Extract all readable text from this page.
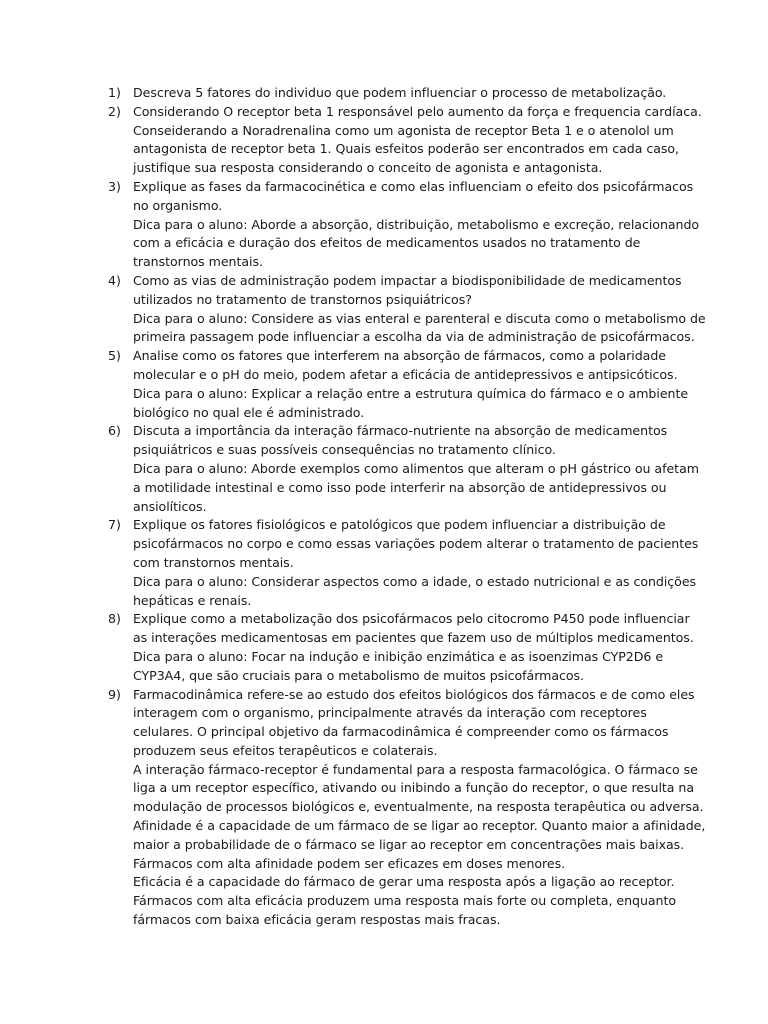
1) Descreva 5 fatores do individuo que podem influenciar o processo de metabolização.
2) Considerando O receptor beta 1 responsável pelo aumento da força e frequencia cardíaca.
Conseiderando a Noradrenalina como um agonista de receptor Beta 1 e o atenolol um
antagonista de receptor beta 1. Quais esfeitos poderão ser encontrados em cada caso,
justifique sua resposta considerando o conceito de agonista e antagonista.
3) Explique as fases da farmacocinética e como elas influenciam o efeito dos psicofármacos
no organismo.
Dica para o aluno: Aborde a absorção, distribuição, metabolismo e excreção, relacionando
com a eficácia e duração dos efeitos de medicamentos usados no tratamento de
transtornos mentais.
4) Como as vias de administração podem impactar a biodisponibilidade de medicamentos
utilizados no tratamento de transtornos psiquiátricos?
Dica para o aluno: Considere as vias enteral e parenteral e discuta como o metabolismo de
primeira passagem pode influenciar a escolha da via de administração de psicofármacos.
5) Analise como os fatores que interferem na absorção de fármacos, como a polaridade
molecular e o pH do meio, podem afetar a eficácia de antidepressivos e antipsicóticos.
Dica para o aluno: Explicar a relação entre a estrutura química do fármaco e o ambiente
biológico no qual ele é administrado.
6) Discuta a importância da interação fármaco-nutriente na absorção de medicamentos
psiquiátricos e suas possíveis consequências no tratamento clínico.
Dica para o aluno: Aborde exemplos como alimentos que alteram o pH gástrico ou afetam
a motilidade intestinal e como isso pode interferir na absorção de antidepressivos ou
ansiolíticos.
7) Explique os fatores fisiológicos e patológicos que podem influenciar a distribuição de
psicofármacos no corpo e como essas variações podem alterar o tratamento de pacientes
com transtornos mentais.
Dica para o aluno: Considerar aspectos como a idade, o estado nutricional e as condições
hepáticas e renais.
8) Explique como a metabolização dos psicofármacos pelo citocromo P450 pode influenciar
as interações medicamentosas em pacientes que fazem uso de múltiplos medicamentos.
Dica para o aluno: Focar na indução e inibição enzimática e as isoenzimas CYP2D6 e
CYP3A4, que são cruciais para o metabolismo de muitos psicofármacos.
9) Farmacodinâmica refere-se ao estudo dos efeitos biológicos dos fármacos e de como eles
interagem com o organismo, principalmente através da interação com receptores
celulares. O principal objetivo da farmacodinâmica é compreender como os fármacos
produzem seus efeitos terapêuticos e colaterais.
A interação fármaco-receptor é fundamental para a resposta farmacológica. O fármaco se
liga a um receptor específico, ativando ou inibindo a função do receptor, o que resulta na
modulação de processos biológicos e, eventualmente, na resposta terapêutica ou adversa.
Afinidade é a capacidade de um fármaco de se ligar ao receptor. Quanto maior a afinidade,
maior a probabilidade de o fármaco se ligar ao receptor em concentrações mais baixas.
Fármacos com alta afinidade podem ser eficazes em doses menores.
Eficácia é a capacidade do fármaco de gerar uma resposta após a ligação ao receptor.
Fármacos com alta eficácia produzem uma resposta mais forte ou completa, enquanto
fármacos com baixa eficácia geram respostas mais fracas.
